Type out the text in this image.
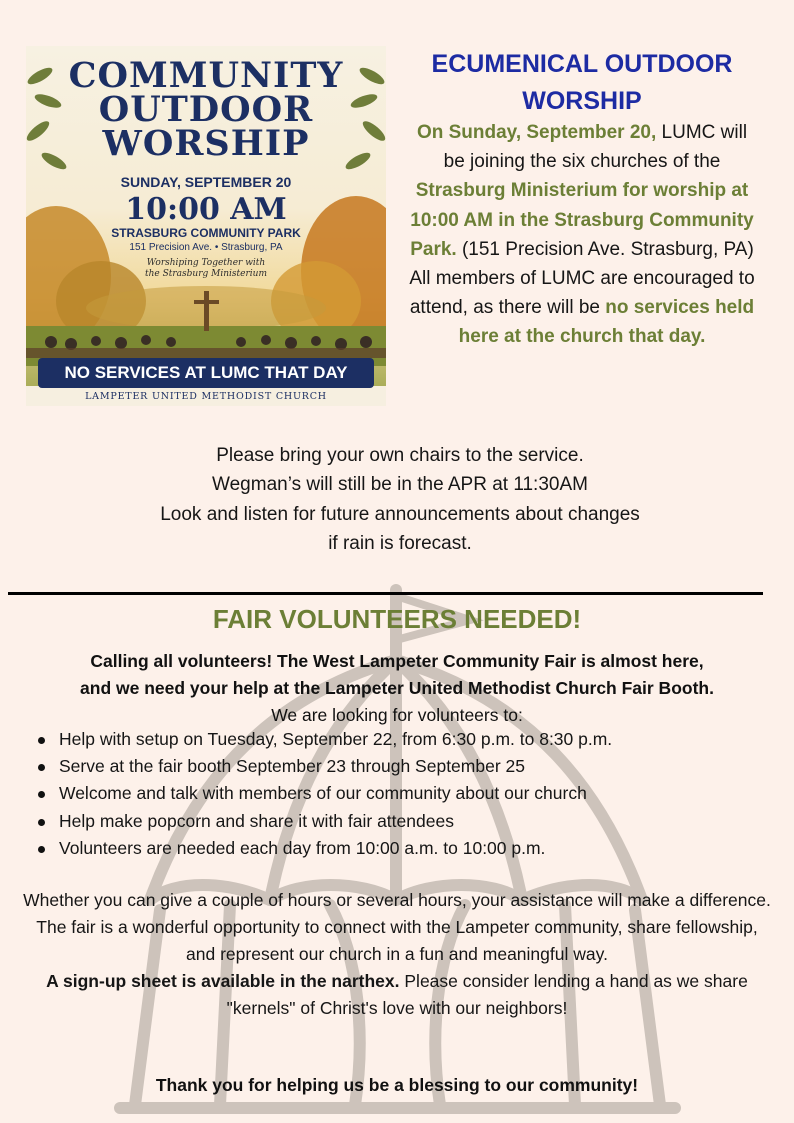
COMMUNITY
OUTDOOR
WORSHIP
SUNDAY, SEPTEMBER 20
10:00 AM
STRASBURG COMMUNITY PARK
151 Precision Ave. • Strasburg, PA
Worshiping Together with
the Strasburg Ministerium
NO SERVICES AT LUMC THAT DAY
LAMPETER UNITED METHODIST CHURCH
ECUMENICAL OUTDOOR WORSHIP
On Sunday, September 20, LUMC will be joining the six churches of the Strasburg Ministerium for worship at 10:00 AM in the Strasburg Community Park. (151 Precision Ave. Strasburg, PA) All members of LUMC are encouraged to attend, as there will be no services held here at the church that day.
Please bring your own chairs to the service.
Wegman’s will still be in the APR at 11:30AM
Look and listen for future announcements about changes
if rain is forecast.
FAIR VOLUNTEERS NEEDED!
Calling all volunteers! The West Lampeter Community Fair is almost here,
and we need your help at the Lampeter United Methodist Church Fair Booth.
We are looking for volunteers to:
Help with setup on Tuesday, September 22, from 6:30 p.m. to 8:30 p.m.
Serve at the fair booth September 23 through September 25
Welcome and talk with members of our community about our church
Help make popcorn and share it with fair attendees
Volunteers are needed each day from 10:00 a.m. to 10:00 p.m.
Whether you can give a couple of hours or several hours, your assistance will make a difference. The fair is a wonderful opportunity to connect with the Lampeter community, share fellowship, and represent our church in a fun and meaningful way.
A sign-up sheet is available in the narthex. Please consider lending a hand as we share "kernels" of Christ's love with our neighbors!
Thank you for helping us be a blessing to our community!
